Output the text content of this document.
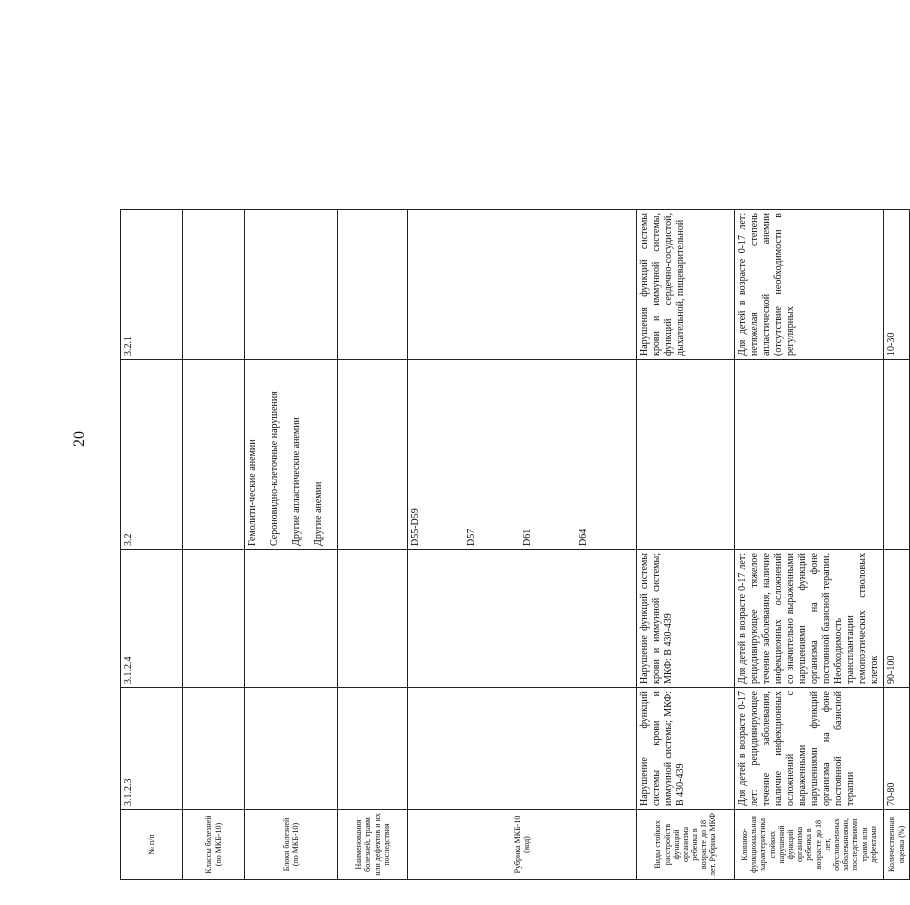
20
№ п/п	3.1.2.3	3.1.2.4	3.2	3.2.1
Классы болезней (по МКБ-10)				
Блоки болезней (по МКБ-10)			Гемолити-ческие анемии Сероновидно-клеточные нарушения Другие апластические анемии Другие анемии	

Наименования болезней, травм или дефектов и их последствия				
Рубрика МКБ-10 (код)			D55-D59 D57 D61 D64	

Виды стойких расстройств функций организма ребенка в возрасте до 18 лет. Рубрика МКФ	Нарушение функций системы крови и иммунной системы; МКФ: В 430-439	Нарушение функций системы крови и иммунной системы; МКФ: В 430-439		Нарушения функций системы крови и иммунной системы, функций сердечно-сосудистой, дыхательной, пищеварительной
Клинико-функциональная характеристика стойких нарушений функций организма ребенка в возрасте до 18 лет, обусловленных заболеваниями, последствиями травм или дефектами	Для детей в возрасте 0-17 лет: рецидивирующее течение заболевания, наличие инфекционных осложнений с выраженными нарушениями функций организма на фоне постоянной базисной терапии	Для детей в возрасте 0-17 лет: рецидивирующее тяжелое течение заболевания, наличие инфекционных осложнений со значительно выраженными нарушениями функций организма на фоне постоянной базисной терапии. Необходимость трансплантации гемопоэтических стволовых клеток		Для детей в возрасте 0-17 лет: нетяжелая степень апластической анемии (отсутствие необходимости в регулярных
Количественная оценка (%)	70-80	90-100		10-30
